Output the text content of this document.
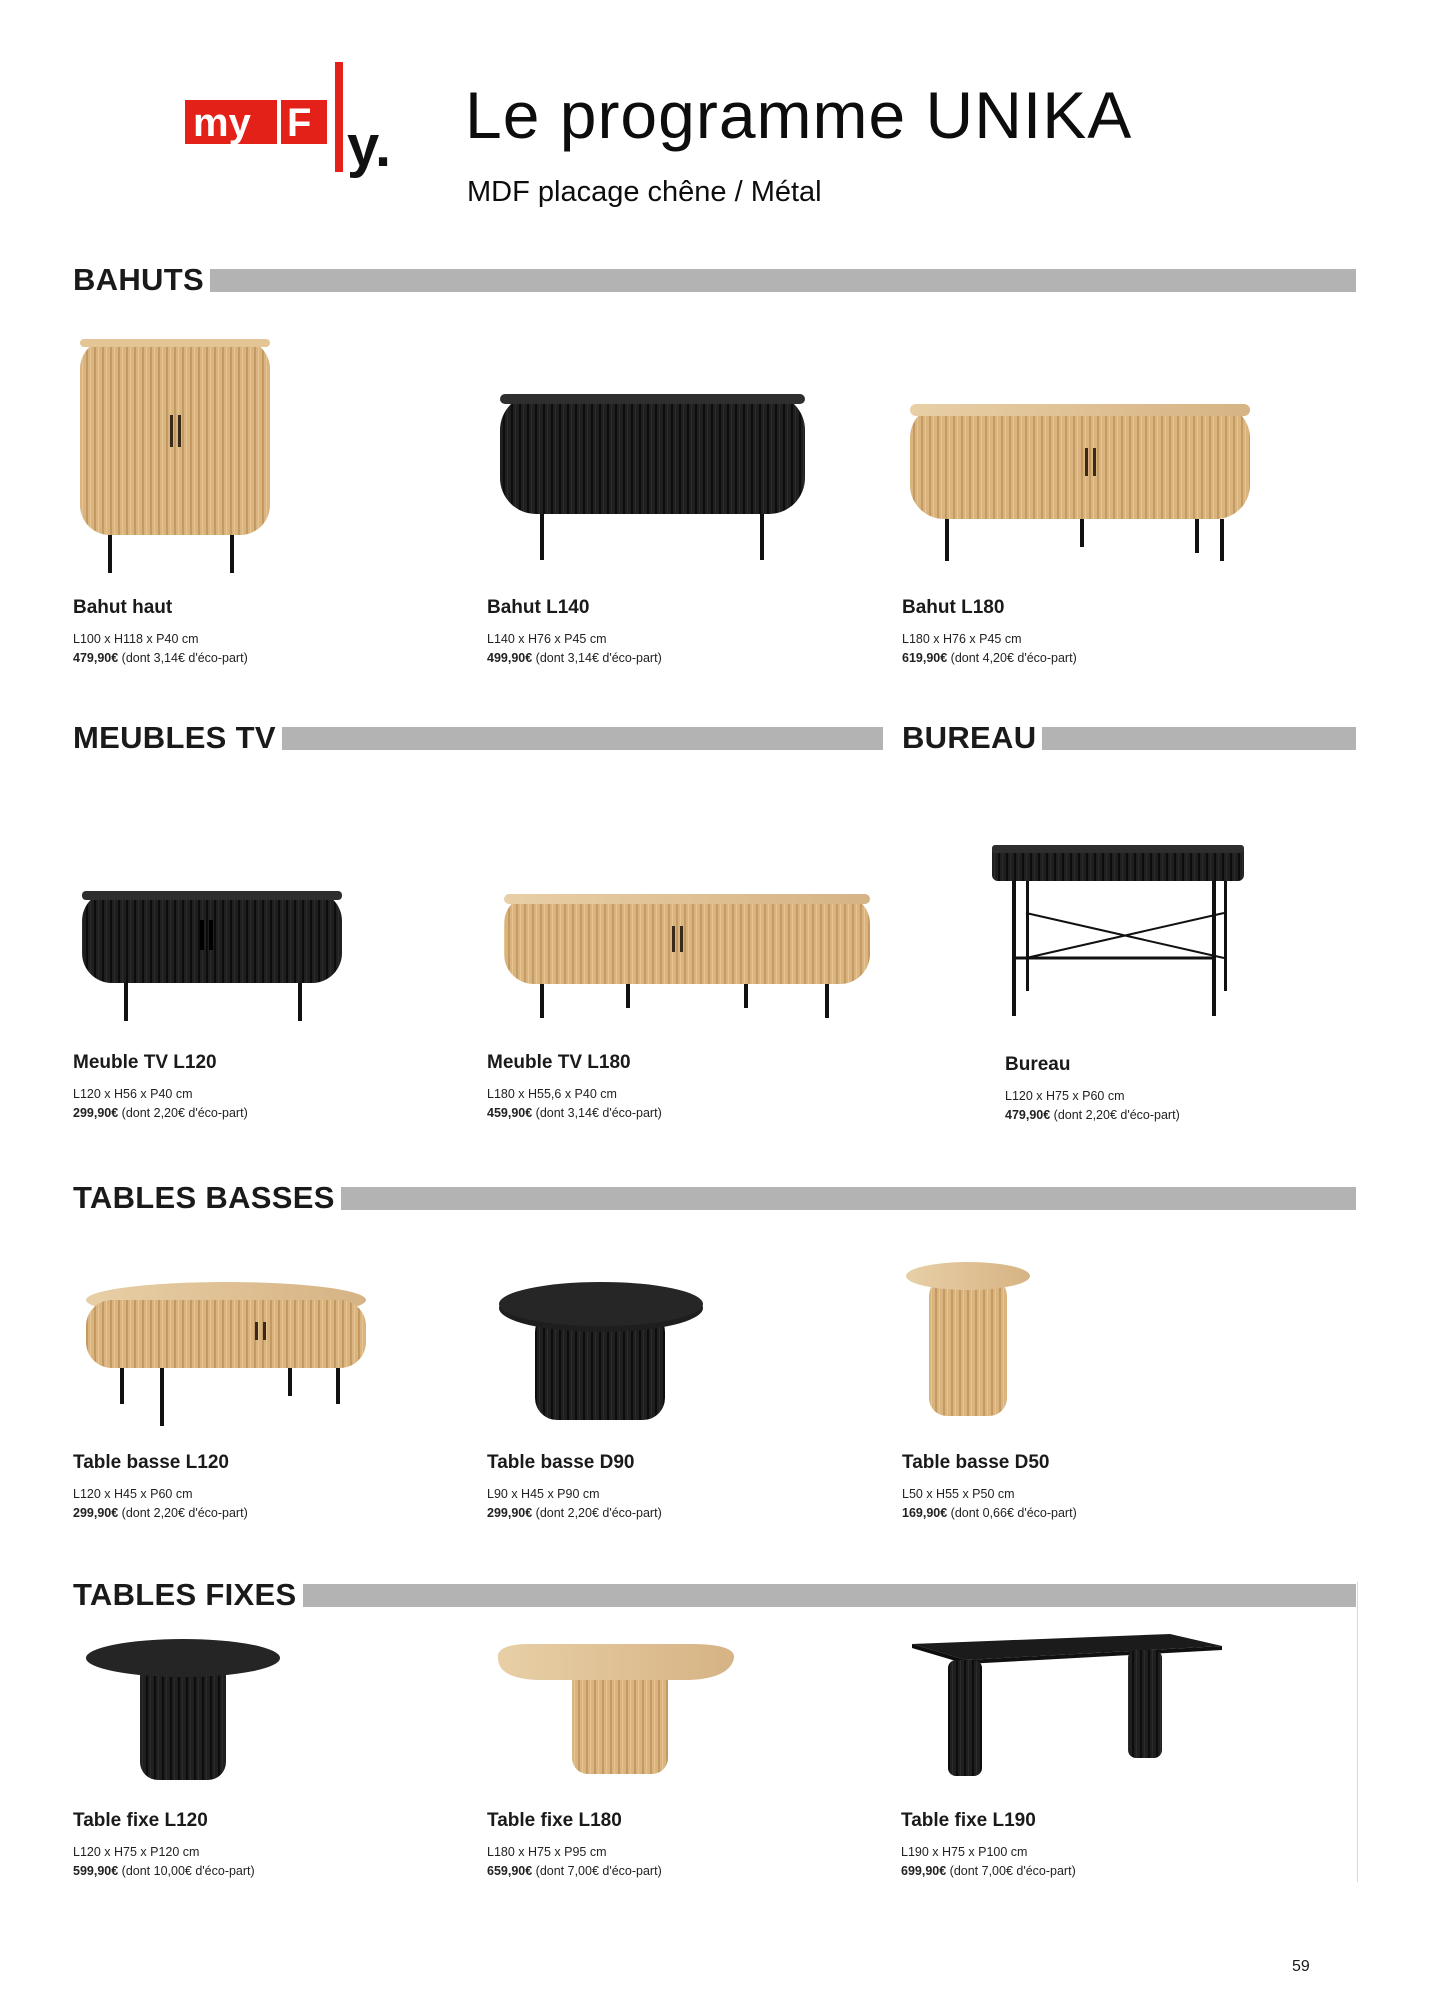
my F y. Le programme UNIKA

MDF placage chêne / Métal

BAHUTS
Bahut haut
L100 x H118 x P40 cm
479,90€ (dont 3,14€ d'éco-part)
Bahut L140
L140 x H76 x P45 cm
499,90€ (dont 3,14€ d'éco-part)
Bahut L180
L180 x H76 x P45 cm
619,90€ (dont 4,20€ d'éco-part)
MEUBLES TV	BUREAU
Meuble TV L120
L120 x H56 x P40 cm
299,90€ (dont 2,20€ d'éco-part)
Meuble TV L180
L180 x H55,6 x P40 cm
459,90€ (dont 3,14€ d'éco-part)
Bureau
L120 x H75 x P60 cm
479,90€ (dont 2,20€ d'éco-part)
TABLES BASSES
Table basse L120
L120 x H45 x P60 cm
299,90€ (dont 2,20€ d'éco-part)
Table basse D90
L90 x H45 x P90 cm
299,90€ (dont 2,20€ d'éco-part)
Table basse D50
L50 x H55 x P50 cm
169,90€ (dont 0,66€ d'éco-part)
TABLES FIXES
Table fixe L120
L120 x H75 x P120 cm
599,90€ (dont 10,00€ d'éco-part)
Table fixe L180
L180 x H75 x P95 cm
659,90€ (dont 7,00€ d'éco-part)
Table fixe L190
L190 x H75 x P100 cm
699,90€ (dont 7,00€ d'éco-part)
59
